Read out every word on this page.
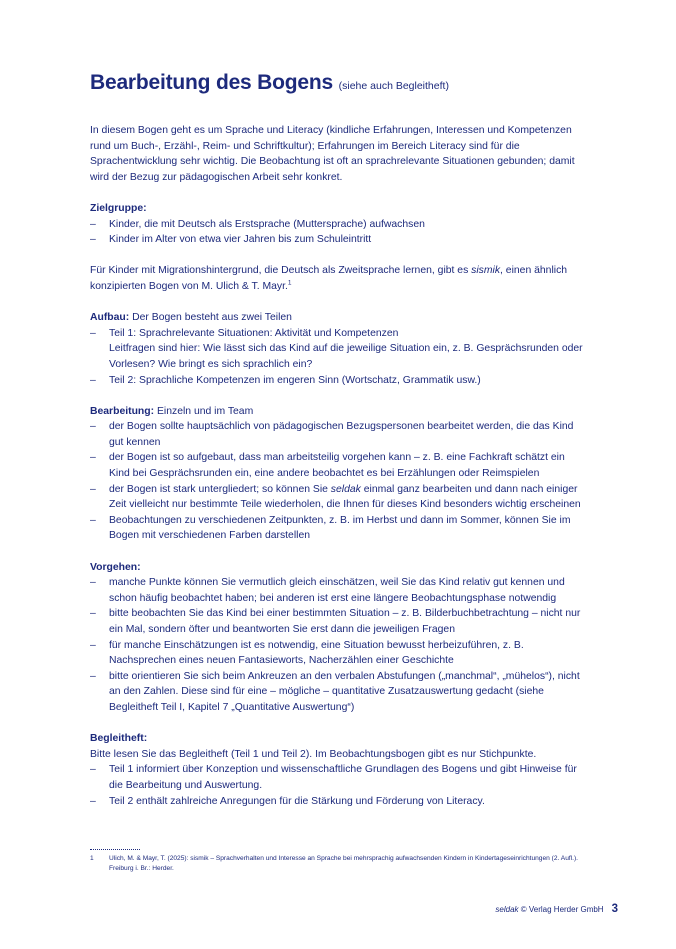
Bearbeitung des Bogens (siehe auch Begleitheft)

In diesem Bogen geht es um Sprache und Literacy (kindliche Erfahrungen, Interessen und Kompetenzen rund um Buch-, Erzähl-, Reim- und Schriftkultur); Erfahrungen im Bereich Literacy sind für die Sprachentwicklung sehr wichtig. Die Beobachtung ist oft an sprachrelevante Situationen gebunden; damit wird der Bezug zur pädagogischen Arbeit sehr konkret.

Zielgruppe:

– Kinder, die mit Deutsch als Erstsprache (Muttersprache) aufwachsen
– Kinder im Alter von etwa vier Jahren bis zum Schuleintritt

Für Kinder mit Migrationshintergrund, die Deutsch als Zweitsprache lernen, gibt es sismik, einen ähnlich konzipierten Bogen von M. Ulich & T. Mayr.$^1$

Aufbau: Der Bogen besteht aus zwei Teilen

– Teil 1: Sprachrelevante Situationen: Aktivität und Kompetenzen
Leitfragen sind hier: Wie lässt sich das Kind auf die jeweilige Situation ein, z. B. Gesprächsrunden oder Vorlesen? Wie bringt es sich sprachlich ein?
– Teil 2: Sprachliche Kompetenzen im engeren Sinn (Wortschatz, Grammatik usw.)

Bearbeitung: Einzeln und im Team

– der Bogen sollte hauptsächlich von pädagogischen Bezugspersonen bearbeitet werden, die das Kind gut kennen
– der Bogen ist so aufgebaut, dass man arbeitsteilig vorgehen kann – z. B. eine Fachkraft schätzt ein Kind bei Gesprächsrunden ein, eine andere beobachtet es bei Erzählungen oder Reimspielen
– der Bogen ist stark untergliedert; so können Sie seldak einmal ganz bearbeiten und dann nach einiger Zeit vielleicht nur bestimmte Teile wiederholen, die Ihnen für dieses Kind besonders wichtig erscheinen
– Beobachtungen zu verschiedenen Zeitpunkten, z. B. im Herbst und dann im Sommer, können Sie im Bogen mit verschiedenen Farben darstellen

Vorgehen:

– manche Punkte können Sie vermutlich gleich einschätzen, weil Sie das Kind relativ gut kennen und schon häufig beobachtet haben; bei anderen ist erst eine längere Beobachtungsphase notwendig
– bitte beobachten Sie das Kind bei einer bestimmten Situation – z. B. Bilderbuchbetrachtung – nicht nur ein Mal, sondern öfter und beantworten Sie erst dann die jeweiligen Fragen
– für manche Einschätzungen ist es notwendig, eine Situation bewusst herbeizuführen, z. B. Nachsprechen eines neuen Fantasieworts, Nacherzählen einer Geschichte
– bitte orientieren Sie sich beim Ankreuzen an den verbalen Abstufungen („manchmal“, „mühelos“), nicht an den Zahlen. Diese sind für eine – mögliche – quantitative Zusatzauswertung gedacht (siehe Begleitheft Teil I, Kapitel 7 „Quantitative Auswertung“)

Begleitheft:

Bitte lesen Sie das Begleitheft (Teil 1 und Teil 2). Im Beobachtungsbogen gibt es nur Stichpunkte.

– Teil 1 informiert über Konzeption und wissenschaftliche Grundlagen des Bogens und gibt Hinweise für die Bearbeitung und Auswertung.
– Teil 2 enthält zahlreiche Anregungen für die Stärkung und Förderung von Literacy.
1	Ulich, M. & Mayr, T. (2025): sismik – Sprachverhalten und Interesse an Sprache bei mehrsprachig aufwachsenden Kindern in Kindertageseinrichtungen (2. Aufl.). Freiburg i. Br.: Herder.
seldak © Verlag Herder GmbH 3
